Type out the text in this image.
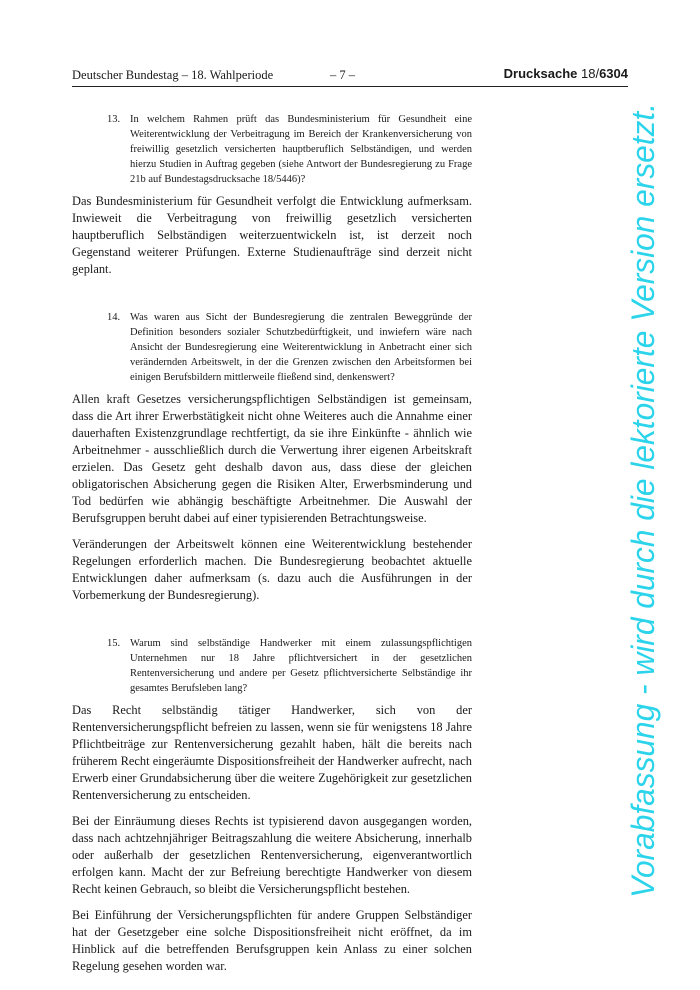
Deutscher Bundestag – 18. Wahlperiode	– 7 –	Drucksache 18/6304
13. In welchem Rahmen prüft das Bundesministerium für Gesundheit eine Weiterentwicklung der Verbeitragung im Bereich der Krankenversicherung von freiwillig gesetzlich versicherten hauptberuflich Selbständigen, und werden hierzu Studien in Auftrag gegeben (siehe Antwort der Bundesregierung zu Frage 21b auf Bundestagsdrucksache 18/5446)?

Das Bundesministerium für Gesundheit verfolgt die Entwicklung aufmerksam. Inwieweit die Verbeitragung von freiwillig gesetzlich versicherten hauptberuflich Selbständigen weiterzuentwickeln ist, ist derzeit noch Gegenstand weiterer Prüfungen. Externe Studienaufträge sind derzeit nicht geplant.

14. Was waren aus Sicht der Bundesregierung die zentralen Beweggründe der Definition besonders sozialer Schutzbedürftigkeit, und inwiefern wäre nach Ansicht der Bundesregierung eine Weiterentwicklung in Anbetracht einer sich verändernden Arbeitswelt, in der die Grenzen zwischen den Arbeitsformen bei einigen Berufsbildern mittlerweile fließend sind, denkenswert?

Allen kraft Gesetzes versicherungspflichtigen Selbständigen ist gemeinsam, dass die Art ihrer Erwerbstätigkeit nicht ohne Weiteres auch die Annahme einer dauerhaften Existenzgrundlage rechtfertigt, da sie ihre Einkünfte - ähnlich wie Arbeitnehmer - ausschließlich durch die Verwertung ihrer eigenen Arbeitskraft erzielen. Das Gesetz geht deshalb davon aus, dass diese der gleichen obligatorischen Absicherung gegen die Risiken Alter, Erwerbsminderung und Tod bedürfen wie abhängig beschäftigte Arbeitnehmer. Die Auswahl der Berufsgruppen beruht dabei auf einer typisierenden Betrachtungsweise.

Veränderungen der Arbeitswelt können eine Weiterentwicklung bestehender Regelungen erforderlich machen. Die Bundesregierung beobachtet aktuelle Entwicklungen daher aufmerksam (s. dazu auch die Ausführungen in der Vorbemerkung der Bundesregierung).

15. Warum sind selbständige Handwerker mit einem zulassungspflichtigen Unternehmen nur 18 Jahre pflichtversichert in der gesetzlichen Rentenversicherung und andere per Gesetz pflichtversicherte Selbständige ihr gesamtes Berufsleben lang?

Das Recht selbständig tätiger Handwerker, sich von der Rentenversicherungspflicht befreien zu lassen, wenn sie für wenigstens 18 Jahre Pflichtbeiträge zur Rentenversicherung gezahlt haben, hält die bereits nach früherem Recht eingeräumte Dispositionsfreiheit der Handwerker aufrecht, nach Erwerb einer Grundabsicherung über die weitere Zugehörigkeit zur gesetzlichen Rentenversicherung zu entscheiden.

Bei der Einräumung dieses Rechts ist typisierend davon ausgegangen worden, dass nach achtzehnjähriger Beitragszahlung die weitere Absicherung, innerhalb oder außerhalb der gesetzlichen Rentenversicherung, eigenverantwortlich erfolgen kann. Macht der zur Befreiung berechtigte Handwerker von diesem Recht keinen Gebrauch, so bleibt die Versicherungspflicht bestehen.

Bei Einführung der Versicherungspflichten für andere Gruppen Selbständiger hat der Gesetzgeber eine solche Dispositionsfreiheit nicht eröffnet, da im Hinblick auf die betreffenden Berufsgruppen kein Anlass zu einer solchen Regelung gesehen worden war.

Vorabfassung - wird durch die lektorierte Version ersetzt.
